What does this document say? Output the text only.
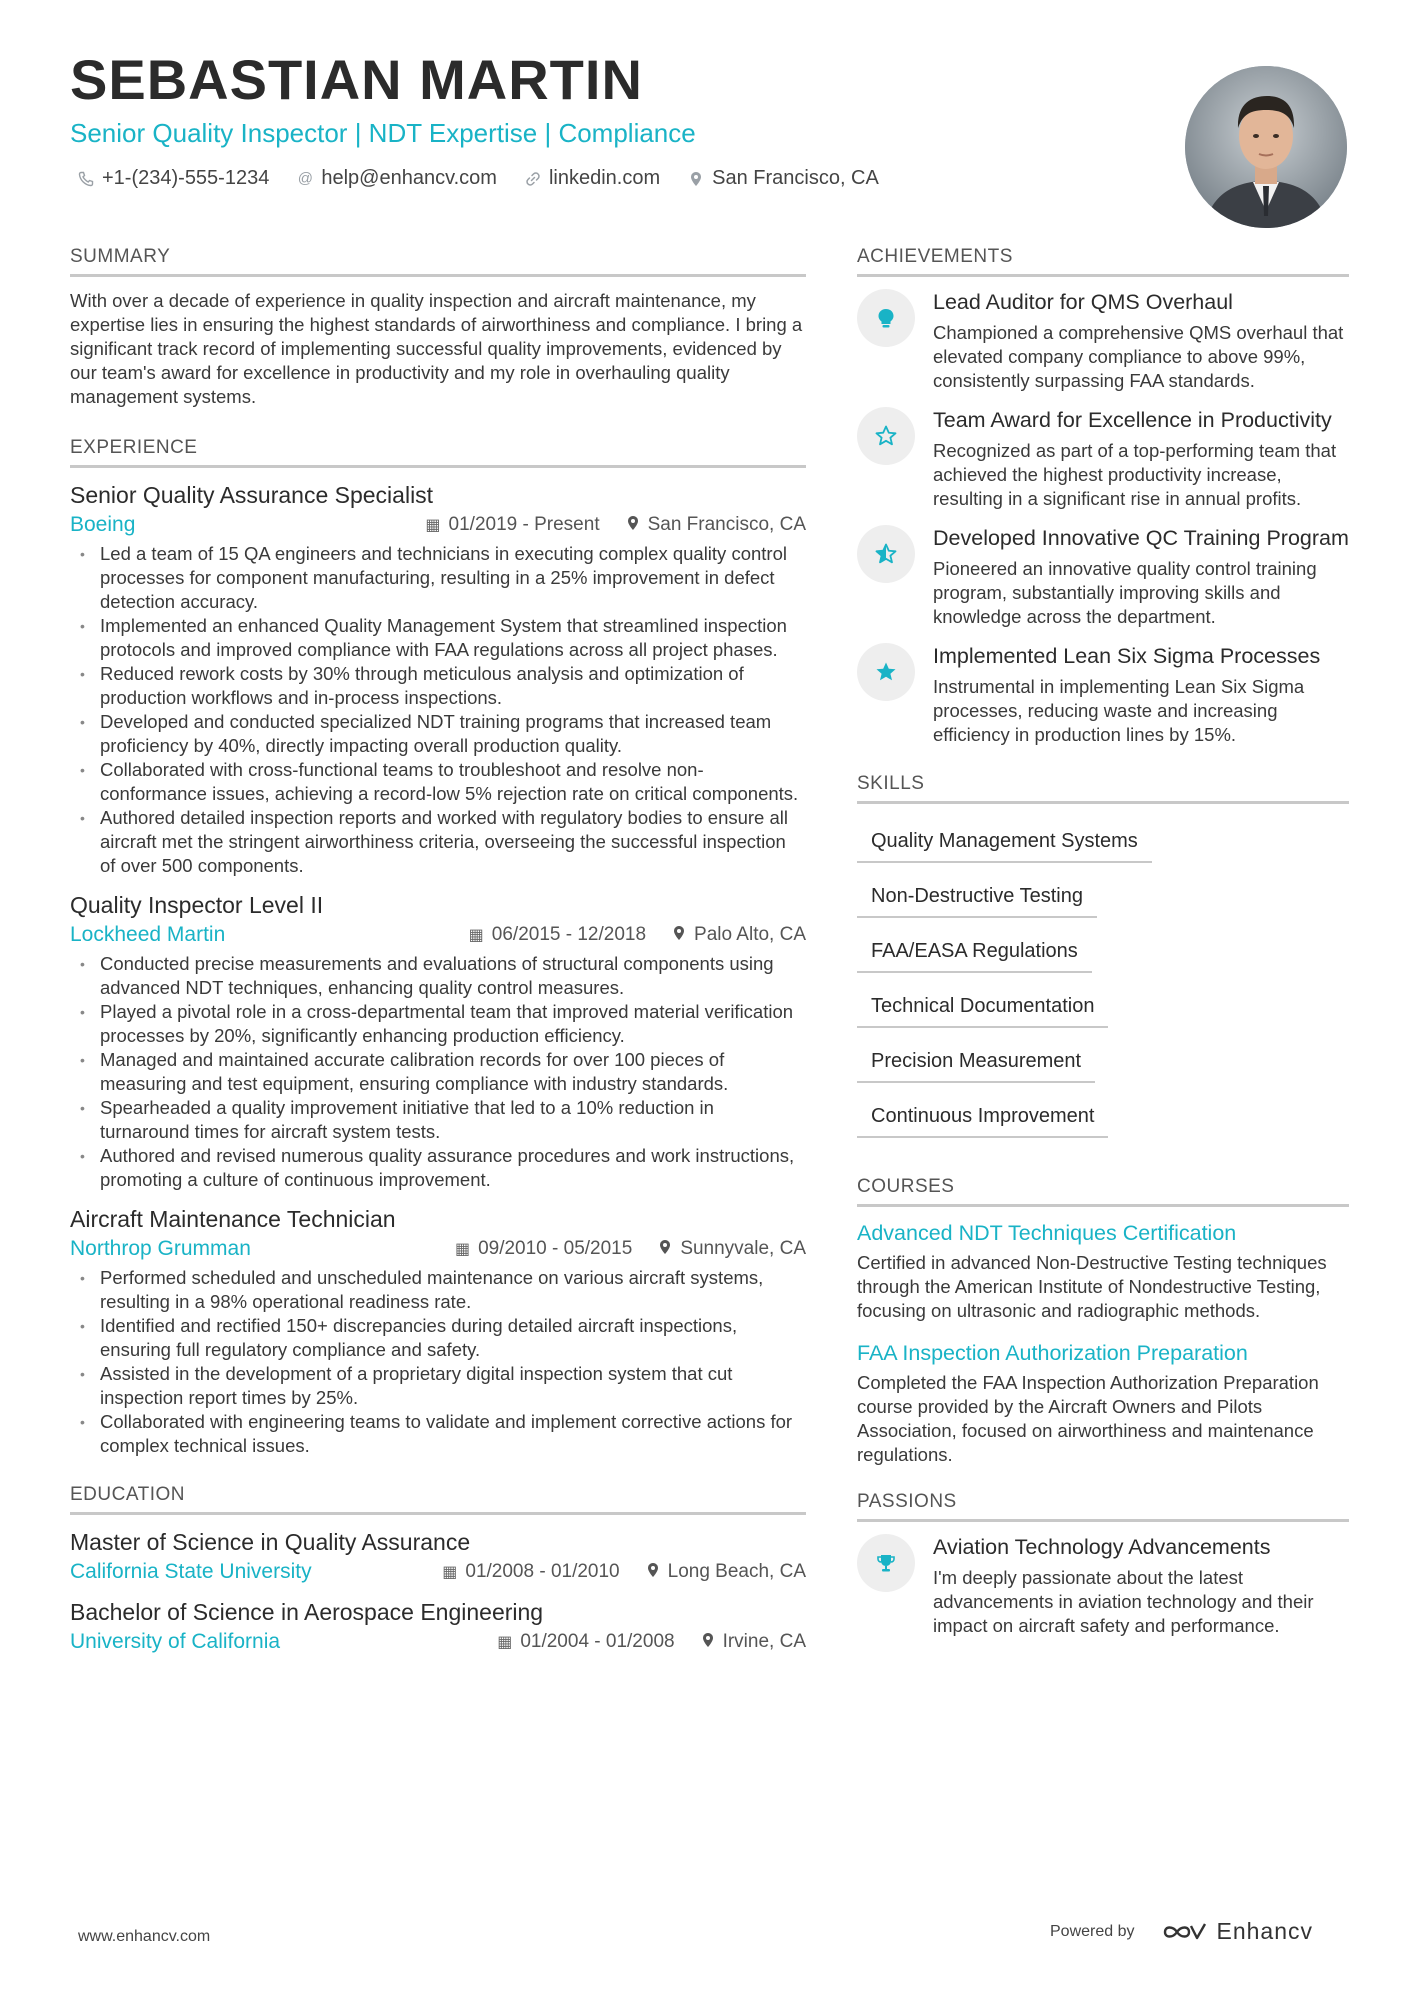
SEBASTIAN MARTIN
Senior Quality Inspector | NDT Expertise | Compliance
+1-(234)-555-1234 @ help@enhancv.com	linkedin.com	San Francisco, CA
SUMMARY
With over a decade of experience in quality inspection and aircraft maintenance, my expertise lies in ensuring the highest standards of airworthiness and compliance. I bring a significant track record of implementing successful quality improvements, evidenced by our team's award for excellence in productivity and my role in overhauling quality management systems.
EXPERIENCE
Senior Quality Assurance Specialist
Boeing	▦ 01/2019 - Present	San Francisco, CA
• Led a team of 15 QA engineers and technicians in executing complex quality control processes for component manufacturing, resulting in a 25% improvement in defect detection accuracy.
• Implemented an enhanced Quality Management System that streamlined inspection protocols and improved compliance with FAA regulations across all project phases.
• Reduced rework costs by 30% through meticulous analysis and optimization of production workflows and in-process inspections.
• Developed and conducted specialized NDT training programs that increased team proficiency by 40%, directly impacting overall production quality.
• Collaborated with cross-functional teams to troubleshoot and resolve non-conformance issues, achieving a record-low 5% rejection rate on critical components.
• Authored detailed inspection reports and worked with regulatory bodies to ensure all aircraft met the stringent airworthiness criteria, overseeing the successful inspection of over 500 components.
Quality Inspector Level II
Lockheed Martin	▦ 06/2015 - 12/2018	Palo Alto, CA
• Conducted precise measurements and evaluations of structural components using advanced NDT techniques, enhancing quality control measures.
• Played a pivotal role in a cross-departmental team that improved material verification processes by 20%, significantly enhancing production efficiency.
• Managed and maintained accurate calibration records for over 100 pieces of measuring and test equipment, ensuring compliance with industry standards.
• Spearheaded a quality improvement initiative that led to a 10% reduction in turnaround times for aircraft system tests.
• Authored and revised numerous quality assurance procedures and work instructions, promoting a culture of continuous improvement.
Aircraft Maintenance Technician
Northrop Grumman	▦ 09/2010 - 05/2015	Sunnyvale, CA
• Performed scheduled and unscheduled maintenance on various aircraft systems, resulting in a 98% operational readiness rate.
• Identified and rectified 150+ discrepancies during detailed aircraft inspections, ensuring full regulatory compliance and safety.
• Assisted in the development of a proprietary digital inspection system that cut inspection report times by 25%.
• Collaborated with engineering teams to validate and implement corrective actions for complex technical issues.
EDUCATION
Master of Science in Quality Assurance
California State University	▦ 01/2008 - 01/2010	Long Beach, CA
Bachelor of Science in Aerospace Engineering
University of California	▦ 01/2004 - 01/2008	Irvine, CA
ACHIEVEMENTS
Lead Auditor for QMS Overhaul
Championed a comprehensive QMS overhaul that elevated company compliance to above 99%, consistently surpassing FAA standards.
Team Award for Excellence in Productivity
Recognized as part of a top-performing team that achieved the highest productivity increase, resulting in a significant rise in annual profits.
Developed Innovative QC Training Program
Pioneered an innovative quality control training program, substantially improving skills and knowledge across the department.
Implemented Lean Six Sigma Processes
Instrumental in implementing Lean Six Sigma processes, reducing waste and increasing efficiency in production lines by 15%.
SKILLS
Quality Management Systems
Non-Destructive Testing
FAA/EASA Regulations
Technical Documentation
Precision Measurement
Continuous Improvement
COURSES
Advanced NDT Techniques Certification
Certified in advanced Non-Destructive Testing techniques through the American Institute of Nondestructive Testing, focusing on ultrasonic and radiographic methods.
FAA Inspection Authorization Preparation
Completed the FAA Inspection Authorization Preparation course provided by the Aircraft Owners and Pilots Association, focused on airworthiness and maintenance regulations.
PASSIONS
Aviation Technology Advancements
I'm deeply passionate about the latest advancements in aviation technology and their impact on aircraft safety and performance.
www.enhancv.com	Powered by	Enhancv
